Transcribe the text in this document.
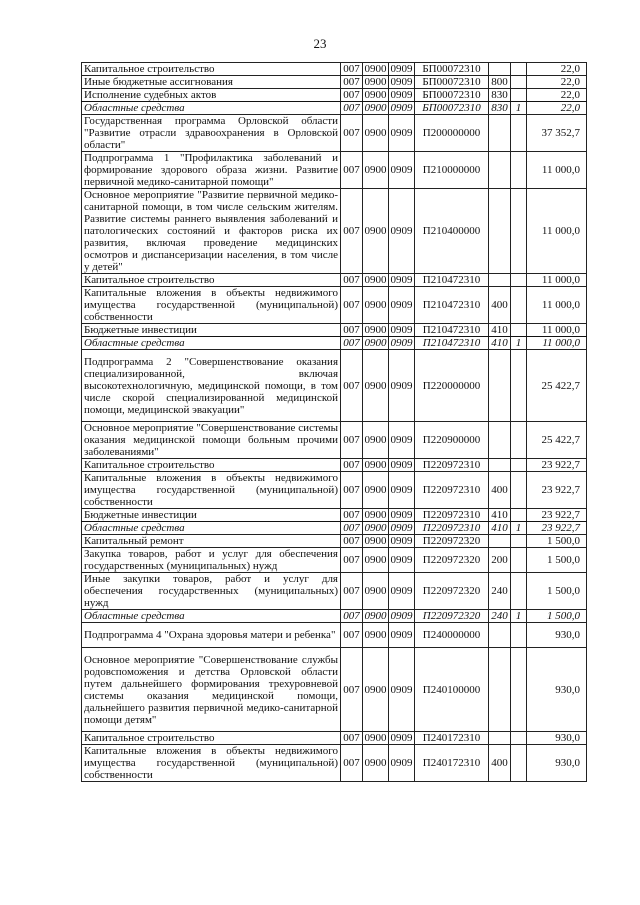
23
Капитальное строительство	007	0900	0909	БП00072310			22,0
Иные бюджетные ассигнования	007	0900	0909	БП00072310	800		22,0
Исполнение судебных актов	007	0900	0909	БП00072310	830		22,0
Областные средства	007	0900	0909	БП00072310	830	1	22,0
Государственная программа Орловской области "Развитие отрасли здравоохранения в Орловской области"	007	0900	0909	П200000000			37 352,7
Подпрограмма 1 "Профилактика заболеваний и формирование здорового образа жизни. Развитие первичной медико-санитарной помощи"	007	0900	0909	П210000000			11 000,0
Основное мероприятие "Развитие первичной медико-санитарной помощи, в том числе сельским жителям. Развитие системы раннего выявления заболеваний и патологических состояний и факторов риска их развития, включая проведение медицинских осмотров и диспансеризации населения, в том числе у детей"	007	0900	0909	П210400000			11 000,0
Капитальное строительство	007	0900	0909	П210472310			11 000,0
Капитальные вложения в объекты недвижимого имущества государственной (муниципальной) собственности	007	0900	0909	П210472310	400		11 000,0
Бюджетные инвестиции	007	0900	0909	П210472310	410		11 000,0
Областные средства	007	0900	0909	П210472310	410	1	11 000,0
Подпрограмма 2 "Совершенствование оказания специализированной, включая высокотехнологичную, медицинской помощи, в том числе скорой специализированной медицинской помощи, медицинской эвакуации"	007	0900	0909	П220000000			25 422,7
Основное мероприятие "Совершенствование системы оказания медицинской помощи больным прочими заболеваниями"	007	0900	0909	П220900000			25 422,7
Капитальное строительство	007	0900	0909	П220972310			23 922,7
Капитальные вложения в объекты недвижимого имущества государственной (муниципальной) собственности	007	0900	0909	П220972310	400		23 922,7
Бюджетные инвестиции	007	0900	0909	П220972310	410		23 922,7
Областные средства	007	0900	0909	П220972310	410	1	23 922,7
Капитальный ремонт	007	0900	0909	П220972320			1 500,0
Закупка товаров, работ и услуг для обеспечения государственных (муниципальных) нужд	007	0900	0909	П220972320	200		1 500,0
Иные закупки товаров, работ и услуг для обеспечения государственных (муниципальных) нужд	007	0900	0909	П220972320	240		1 500,0
Областные средства	007	0900	0909	П220972320	240	1	1 500,0
Подпрограмма 4 "Охрана здоровья матери и ребенка"	007	0900	0909	П240000000			930,0
Основное мероприятие "Совершенствование службы родовспоможения и детства Орловской области путем дальнейшего формирования трехуровневой системы оказания медицинской помощи, дальнейшего развития первичной медико-санитарной помощи детям"	007	0900	0909	П240100000			930,0
Капитальное строительство	007	0900	0909	П240172310			930,0
Капитальные вложения в объекты недвижимого имущества государственной (муниципальной) собственности	007	0900	0909	П240172310	400		930,0
